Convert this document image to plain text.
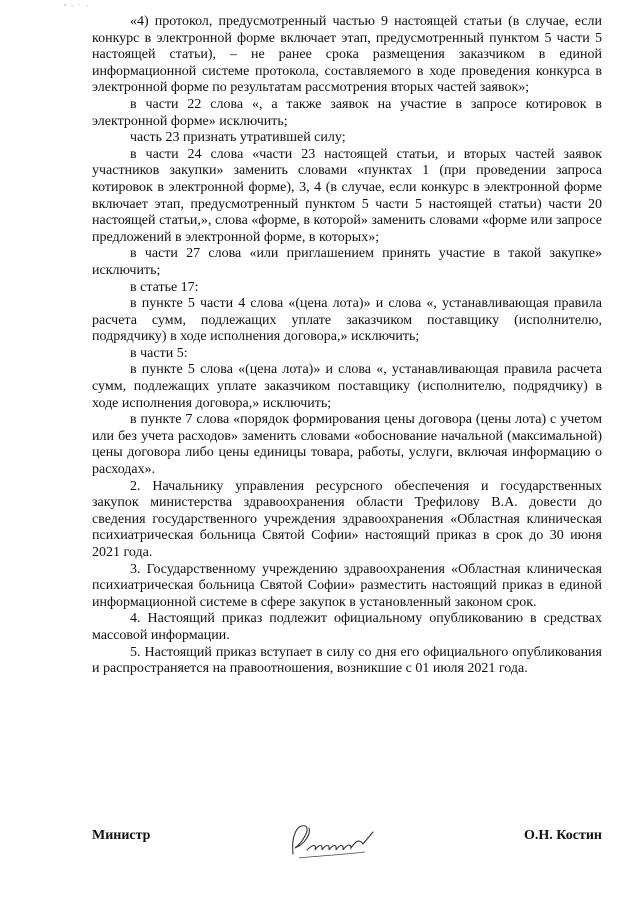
«4) протокол, предусмотренный частью 9 настоящей статьи (в случае, если конкурс в электронной форме включает этап, предусмотренный пунктом 5 части 5 настоящей статьи), – не ранее срока размещения заказчиком в единой информационной системе протокола, составляемого в ходе проведения конкурса в электронной форме по результатам рассмотрения вторых частей заявок»;

в части 22 слова «, а также заявок на участие в запросе котировок в электронной форме» исключить;

часть 23 признать утратившей силу;

в части 24 слова «части 23 настоящей статьи, и вторых частей заявок участников закупки» заменить словами «пунктах 1 (при проведении запроса котировок в электронной форме), 3, 4 (в случае, если конкурс в электронной форме включает этап, предусмотренный пунктом 5 части 5 настоящей статьи) части 20 настоящей статьи,», слова «форме, в которой» заменить словами «форме или запросе предложений в электронной форме, в которых»;

в части 27 слова «или приглашением принять участие в такой закупке» исключить;

в статье 17:

в пункте 5 части 4 слова «(цена лота)» и слова «, устанавливающая правила расчета сумм, подлежащих уплате заказчиком поставщику (исполнителю, подрядчику) в ходе исполнения договора,» исключить;

в части 5:

в пункте 5 слова «(цена лота)» и слова «, устанавливающая правила расчета сумм, подлежащих уплате заказчиком поставщику (исполнителю, подрядчику) в ходе исполнения договора,» исключить;

в пункте 7 слова «порядок формирования цены договора (цены лота) с учетом или без учета расходов» заменить словами «обоснование начальной (максимальной) цены договора либо цены единицы товара, работы, услуги, включая информацию о расходах».

2. Начальнику управления ресурсного обеспечения и государственных закупок министерства здравоохранения области Трефилову В.А. довести до сведения государственного учреждения здравоохранения «Областная клиническая психиатрическая больница Святой Софии» настоящий приказ в срок до 30 июня 2021 года.

3. Государственному учреждению здравоохранения «Областная клиническая психиатрическая больница Святой Софии» разместить настоящий приказ в единой информационной системе в сфере закупок в установленный законом срок.

4. Настоящий приказ подлежит официальному опубликованию в средствах массовой информации.

5. Настоящий приказ вступает в силу со дня его официального опубликования и распространяется на правоотношения, возникшие с 01 июля 2021 года.

Министр	О.Н. Костин
